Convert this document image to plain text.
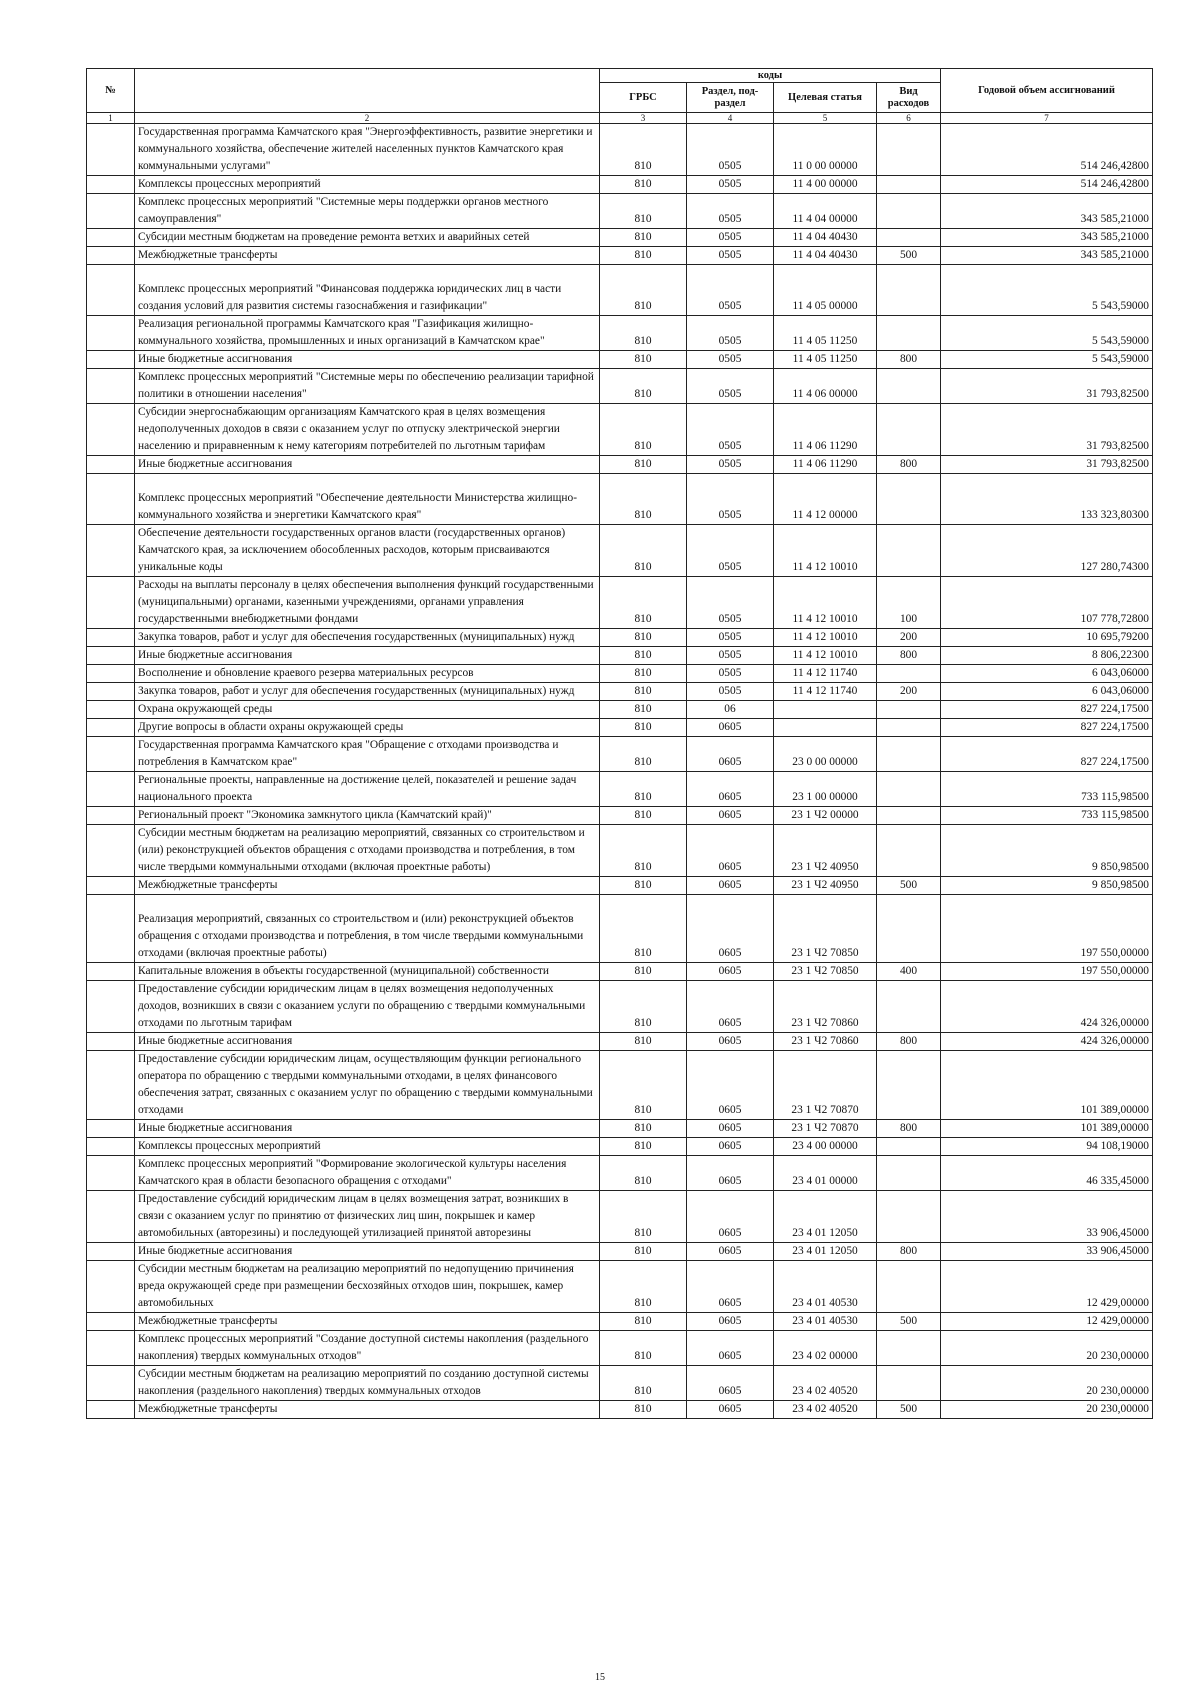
№		коды				Годовой объем ассигнований
		ГРБС	Раздел, под-раздел	Целевая статья	Вид расходов	
1	2	3	4	5	6	7
	Государственная программа Камчатского края "Энергоэффективность, развитие энергетики и коммунального хозяйства, обеспечение жителей населенных пунктов Камчатского края коммунальными услугами"	810	0505	11 0 00 00000		514 246,42800
	Комплексы процессных мероприятий	810	0505	11 4 00 00000		514 246,42800
	Комплекс процессных мероприятий "Системные меры поддержки органов местного самоуправления"	810	0505	11 4 04 00000		343 585,21000
	Субсидии местным бюджетам на проведение ремонта ветхих и аварийных сетей	810	0505	11 4 04 40430		343 585,21000
	Межбюджетные трансферты	810	0505	11 4 04 40430	500	343 585,21000
	Комплекс процессных мероприятий "Финансовая поддержка юридических лиц в части создания условий для развития системы газоснабжения и газификации"	810	0505	11 4 05 00000		5 543,59000
	Реализация региональной программы Камчатского края "Газификация жилищно-коммунального хозяйства, промышленных и иных организаций в Камчатском крае"	810	0505	11 4 05 11250		5 543,59000
	Иные бюджетные ассигнования	810	0505	11 4 05 11250	800	5 543,59000
	Комплекс процессных мероприятий "Системные меры по обеспечению реализации тарифной политики в отношении населения"	810	0505	11 4 06 00000		31 793,82500
	Субсидии энергоснабжающим организациям Камчатского края в целях возмещения недополученных доходов в связи с оказанием услуг по отпуску электрической энергии населению и приравненным к нему категориям потребителей по льготным тарифам	810	0505	11 4 06 11290		31 793,82500
	Иные бюджетные ассигнования	810	0505	11 4 06 11290	800	31 793,82500
	Комплекс процессных мероприятий "Обеспечение деятельности Министерства жилищно-коммунального хозяйства и энергетики Камчатского края"	810	0505	11 4 12 00000		133 323,80300
	Обеспечение деятельности государственных органов власти (государственных органов) Камчатского края, за исключением обособленных расходов, которым присваиваются уникальные коды	810	0505	11 4 12 10010		127 280,74300
	Расходы на выплаты персоналу в целях обеспечения выполнения функций государственными (муниципальными) органами, казенными учреждениями, органами управления государственными внебюджетными фондами	810	0505	11 4 12 10010	100	107 778,72800
	Закупка товаров, работ и услуг для обеспечения государственных (муниципальных) нужд	810	0505	11 4 12 10010	200	10 695,79200
	Иные бюджетные ассигнования	810	0505	11 4 12 10010	800	8 806,22300
	Восполнение и обновление краевого резерва материальных ресурсов	810	0505	11 4 12 11740		6 043,06000
	Закупка товаров, работ и услуг для обеспечения государственных (муниципальных) нужд	810	0505	11 4 12 11740	200	6 043,06000
	Охрана окружающей среды	810	06			827 224,17500
	Другие вопросы в области охраны окружающей среды	810	0605			827 224,17500
	Государственная программа Камчатского края "Обращение с отходами производства и потребления в Камчатском крае"	810	0605	23 0 00 00000		827 224,17500
	Региональные проекты, направленные на достижение целей, показателей и решение задач национального проекта	810	0605	23 1 00 00000		733 115,98500
	Региональный проект "Экономика замкнутого цикла (Камчатский край)"	810	0605	23 1 Ч2 00000		733 115,98500
	Субсидии местным бюджетам на реализацию мероприятий, связанных со строительством и (или) реконструкцией объектов обращения с отходами производства и потребления, в том числе твердыми коммунальными отходами (включая проектные работы)	810	0605	23 1 Ч2 40950		9 850,98500
	Межбюджетные трансферты	810	0605	23 1 Ч2 40950	500	9 850,98500
	Реализация мероприятий, связанных со строительством и (или) реконструкцией объектов обращения с отходами производства и потребления, в том числе твердыми коммунальными отходами (включая проектные работы)	810	0605	23 1 Ч2 70850		197 550,00000
	Капитальные вложения в объекты государственной (муниципальной) собственности	810	0605	23 1 Ч2 70850	400	197 550,00000
	Предоставление субсидии юридическим лицам в целях возмещения недополученных доходов, возникших в связи с оказанием услуги по обращению с твердыми коммунальными отходами по льготным тарифам	810	0605	23 1 Ч2 70860		424 326,00000
	Иные бюджетные ассигнования	810	0605	23 1 Ч2 70860	800	424 326,00000
	Предоставление субсидии юридическим лицам, осуществляющим функции регионального оператора по обращению с твердыми коммунальными отходами, в целях финансового обеспечения затрат, связанных с оказанием услуг по обращению с твердыми коммунальными отходами	810	0605	23 1 Ч2 70870		101 389,00000
	Иные бюджетные ассигнования	810	0605	23 1 Ч2 70870	800	101 389,00000
	Комплексы процессных мероприятий	810	0605	23 4 00 00000		94 108,19000
	Комплекс процессных мероприятий "Формирование экологической культуры населения Камчатского края в области безопасного обращения с отходами"	810	0605	23 4 01 00000		46 335,45000
	Предоставление субсидий юридическим лицам в целях возмещения затрат, возникших в связи с оказанием услуг по принятию от физических лиц шин, покрышек и камер автомобильных (авторезины) и последующей утилизацией принятой авторезины	810	0605	23 4 01 12050		33 906,45000
	Иные бюджетные ассигнования	810	0605	23 4 01 12050	800	33 906,45000
	Субсидии местным бюджетам на реализацию мероприятий по недопущению причинения вреда окружающей среде при размещении бесхозяйных отходов шин, покрышек, камер автомобильных	810	0605	23 4 01 40530		12 429,00000
	Межбюджетные трансферты	810	0605	23 4 01 40530	500	12 429,00000
	Комплекс процессных мероприятий "Создание доступной системы накопления (раздельного накопления) твердых коммунальных отходов"	810	0605	23 4 02 00000		20 230,00000
	Субсидии местным бюджетам на реализацию мероприятий по созданию доступной системы накопления (раздельного накопления) твердых коммунальных отходов	810	0605	23 4 02 40520		20 230,00000
	Межбюджетные трансферты	810	0605	23 4 02 40520	500	20 230,00000
15
